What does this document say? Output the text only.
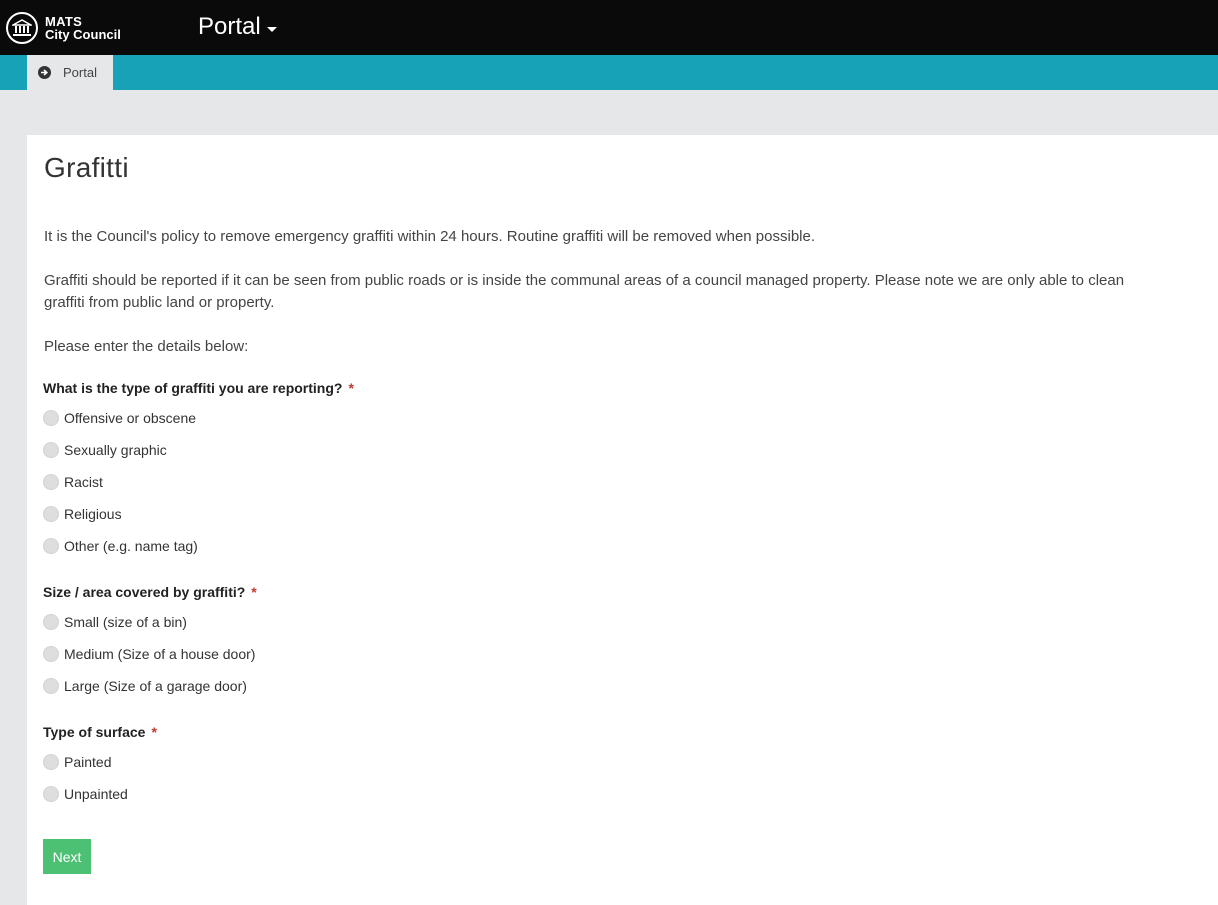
MATS
City Council	Portal
Portal
Grafitti

It is the Council's policy to remove emergency graffiti within 24 hours. Routine graffiti will be removed when possible.

Graffiti should be reported if it can be seen from public roads or is inside the communal areas of a council managed property. Please note we are only able to clean graffiti from public land or property.

Please enter the details below:

What is the type of graffiti you are reporting? *
Offensive or obscene
Sexually graphic
Racist
Religious
Other (e.g. name tag)
Size / area covered by graffiti? *
Small (size of a bin)
Medium (Size of a house door)
Large (Size of a garage door)
Type of surface *
Painted
Unpainted
Next
